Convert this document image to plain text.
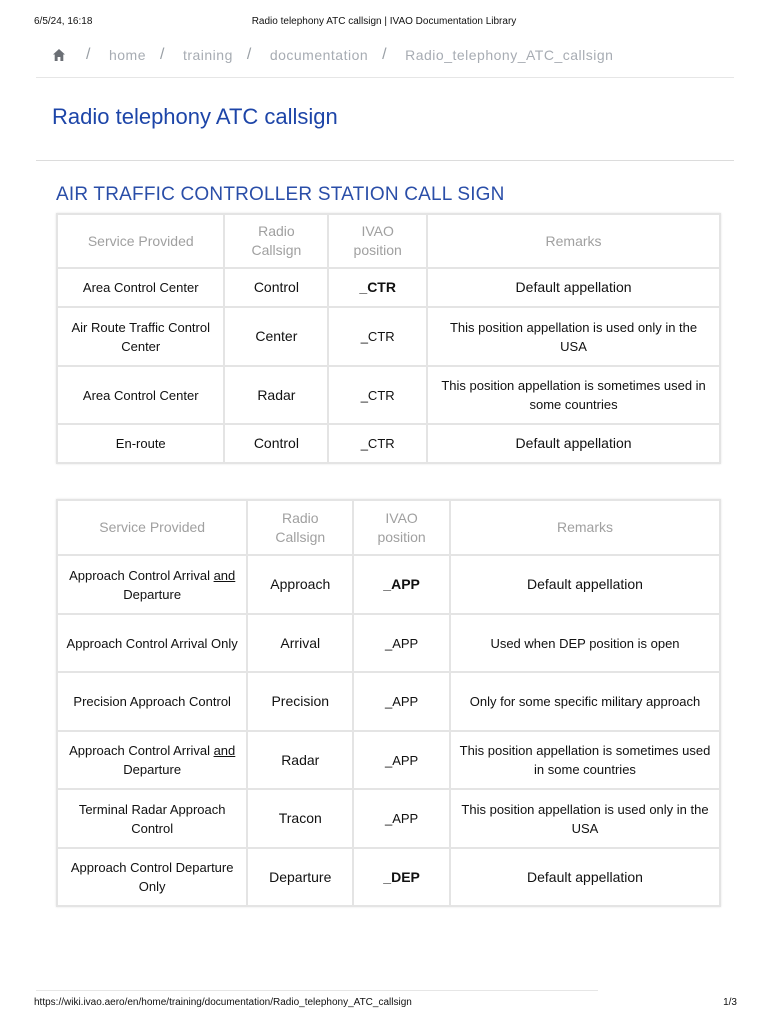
6/5/24, 16:18	Radio telephony ATC callsign | IVAO Documentation Library
/ home / training / documentation / Radio_telephony_ATC_callsign
Radio telephony ATC callsign
AIR TRAFFIC CONTROLLER STATION CALL SIGN
Service Provided	Radio Callsign	IVAO position	Remarks
Area Control Center	Control	_CTR	Default appellation
Air Route Traffic Control Center	Center	_CTR	This position appellation is used only in the USA
Area Control Center	Radar	_CTR	This position appellation is sometimes used in some countries
En-route	Control	_CTR	Default appellation
Service Provided	Radio Callsign	IVAO position	Remarks
Approach Control Arrival and Departure	Approach	_APP	Default appellation
Approach Control Arrival Only	Arrival	_APP	Used when DEP position is open
Precision Approach Control	Precision	_APP	Only for some specific military approach
Approach Control Arrival and Departure	Radar	_APP	This position appellation is sometimes used in some countries
Terminal Radar Approach Control	Tracon	_APP	This position appellation is used only in the USA
Approach Control Departure Only	Departure	_DEP	Default appellation
https://wiki.ivao.aero/en/home/training/documentation/Radio_telephony_ATC_callsign	1/3
